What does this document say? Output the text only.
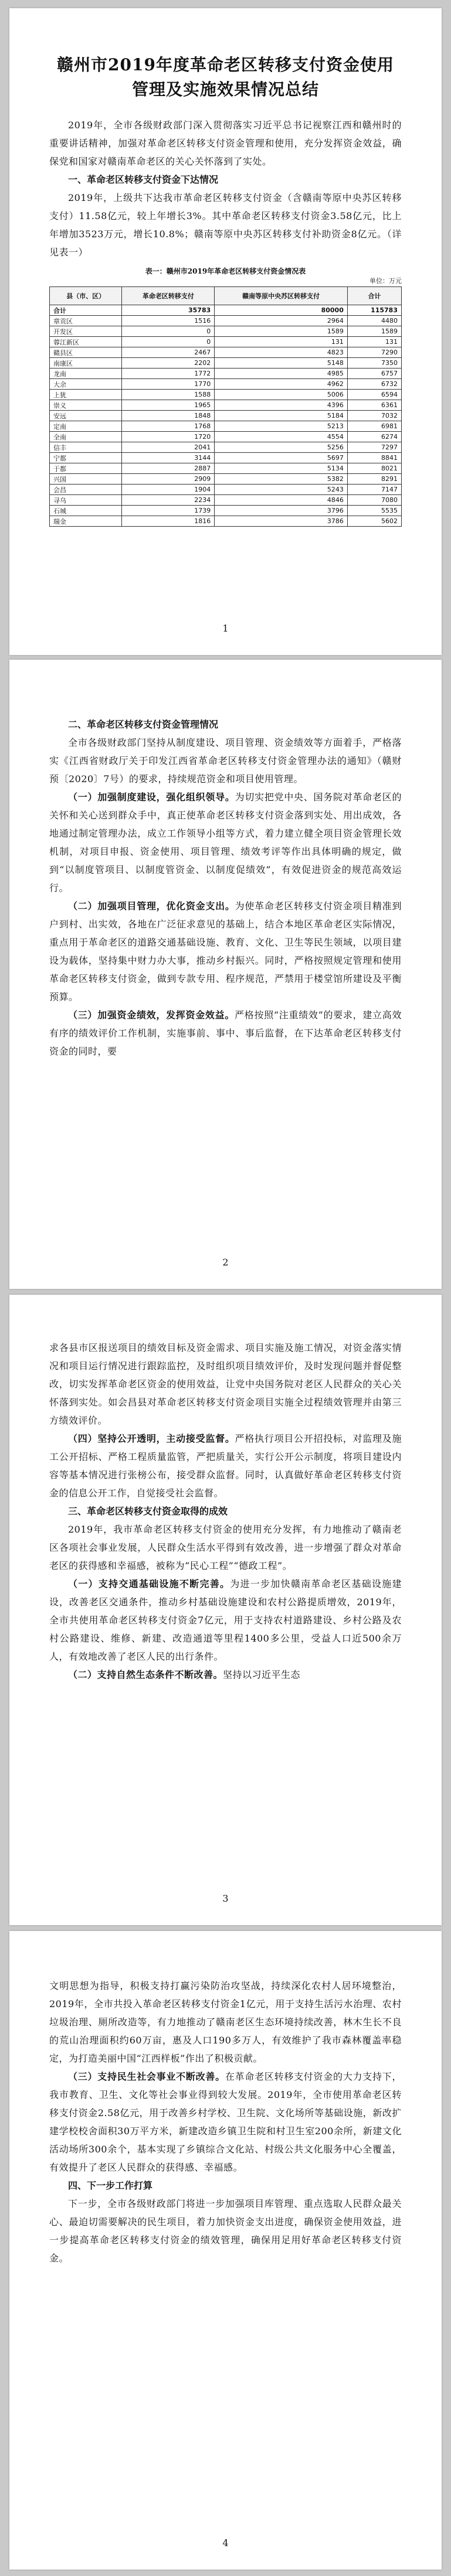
赣州市2019年度革命老区转移支付资金使用管理及实施效果情况总结

2019年，全市各级财政部门深入贯彻落实习近平总书记视察江西和赣州时的重要讲话精神，加强对革命老区转移支付资金管理和使用，充分发挥资金效益，确保党和国家对赣南革命老区的关心关怀落到了实处。

一、革命老区转移支付资金下达情况

2019年，上级共下达我市革命老区转移支付资金（含赣南等原中央苏区转移支付）11.58亿元，较上年增长3%。其中革命老区转移支付资金3.58亿元，比上年增加3523万元，增长10.8%；赣南等原中央苏区转移支付补助资金8亿元。（详见表一）

表一：赣州市2019年革命老区转移支付资金情况表

单位：万元

县（市、区）	革命老区转移支付	赣南等原中央苏区转移支付	合计
合计	35783	80000	115783
章贡区	1516	2964	4480
开发区	0	1589	1589
蓉江新区	0	131	131
赣县区	2467	4823	7290
南康区	2202	5148	7350
龙南	1772	4985	6757
大余	1770	4962	6732
上犹	1588	5006	6594
崇义	1965	4396	6361
安远	1848	5184	7032
定南	1768	5213	6981
全南	1720	4554	6274
信丰	2041	5256	7297
宁都	3144	5697	8841
于都	2887	5134	8021
兴国	2909	5382	8291
会昌	1904	5243	7147
寻乌	2234	4846	7080
石城	1739	3796	5535
瑞金	1816	3786	5602
1

二、革命老区转移支付资金管理情况

全市各级财政部门坚持从制度建设、项目管理、资金绩效等方面着手，严格落实《江西省财政厅关于印发江西省革命老区转移支付资金管理办法的通知》（赣财预〔2020〕7号）的要求，持续规范资金和项目使用管理。

（一）加强制度建设，强化组织领导。为切实把党中央、国务院对革命老区的关怀和关心送到群众手中，真正使革命老区转移支付资金落到实处、用出成效，各地通过制定管理办法，成立工作领导小组等方式，着力建立健全项目资金管理长效机制，对项目申报、资金使用、项目管理、绩效考评等作出具体明确的规定，做到“以制度管项目、以制度管资金、以制度促绩效”，有效促进资金的规范高效运行。

（二）加强项目管理，优化资金支出。为使革命老区转移支付资金项目精准到户到村、出实效，各地在广泛征求意见的基础上，结合本地区革命老区实际情况，重点用于革命老区的道路交通基础设施、教育、文化、卫生等民生领域，以项目建设为载体，坚持集中财力办大事，推动乡村振兴。同时，严格按照规定管理和使用革命老区转移支付资金，做到专款专用、程序规范，严禁用于楼堂馆所建设及平衡预算。

（三）加强资金绩效，发挥资金效益。严格按照“注重绩效”的要求，建立高效有序的绩效评价工作机制，实施事前、事中、事后监督，在下达革命老区转移支付资金的同时，要

2

求各县市区报送项目的绩效目标及资金需求、项目实施及施工情况，对资金落实情况和项目运行情况进行跟踪监控，及时组织项目绩效评价，及时发现问题并督促整改，切实发挥革命老区资金的使用效益，让党中央国务院对老区人民群众的关心关怀落到实处。如会昌县对革命老区转移支付资金项目实施全过程绩效管理并由第三方绩效评价。

（四）坚持公开透明，主动接受监督。严格执行项目公开招投标，对监理及施工公开招标、严格工程质量监管，严把质量关，实行公开公示制度，将项目建设内容等基本情况进行张榜公布，接受群众监督。同时，认真做好革命老区转移支付资金的信息公开工作，自觉接受社会监督。

三、革命老区转移支付资金取得的成效

2019年，我市革命老区转移支付资金的使用充分发挥，有力地推动了赣南老区各项社会事业发展，人民群众生活水平得到有效改善，进一步增强了群众对革命老区的获得感和幸福感，被称为“民心工程”“德政工程”。

（一）支持交通基础设施不断完善。为进一步加快赣南革命老区基础设施建设，改善老区交通条件，推动乡村基础设施建设和农村公路提质增效，2019年，全市共使用革命老区转移支付资金7亿元，用于支持农村道路建设、乡村公路及农村公路建设、维修、新建、改造通道等里程1400多公里，受益人口近500余万人，有效地改善了老区人民的出行条件。

（二）支持自然生态条件不断改善。坚持以习近平生态

3

文明思想为指导，积极支持打赢污染防治攻坚战，持续深化农村人居环境整治，2019年，全市共投入革命老区转移支付资金1亿元，用于支持生活污水治理、农村垃圾治理、厕所改造等，有力地推动了赣南老区生态环境持续改善，林木生长不良的荒山治理面积约60万亩，惠及人口190多万人，有效维护了我市森林覆盖率稳定，为打造美丽中国“江西样板”作出了积极贡献。

（三）支持民生社会事业不断改善。在革命老区转移支付资金的大力支持下，我市教育、卫生、文化等社会事业得到较大发展。2019年，全市使用革命老区转移支付资金2.58亿元，用于改善乡村学校、卫生院、文化场所等基础设施，新改扩建学校校舍面积30万平方米，新建改造乡镇卫生院和村卫生室200余所，新建文化活动场所300余个，基本实现了乡镇综合文化站、村级公共文化服务中心全覆盖，有效提升了老区人民群众的获得感、幸福感。

四、下一步工作打算

下一步，全市各级财政部门将进一步加强项目库管理、重点选取人民群众最关心、最迫切需要解决的民生项目，着力加快资金支出进度，确保资金使用效益，进一步提高革命老区转移支付资金的绩效管理，确保用足用好革命老区转移支付资金。

4
